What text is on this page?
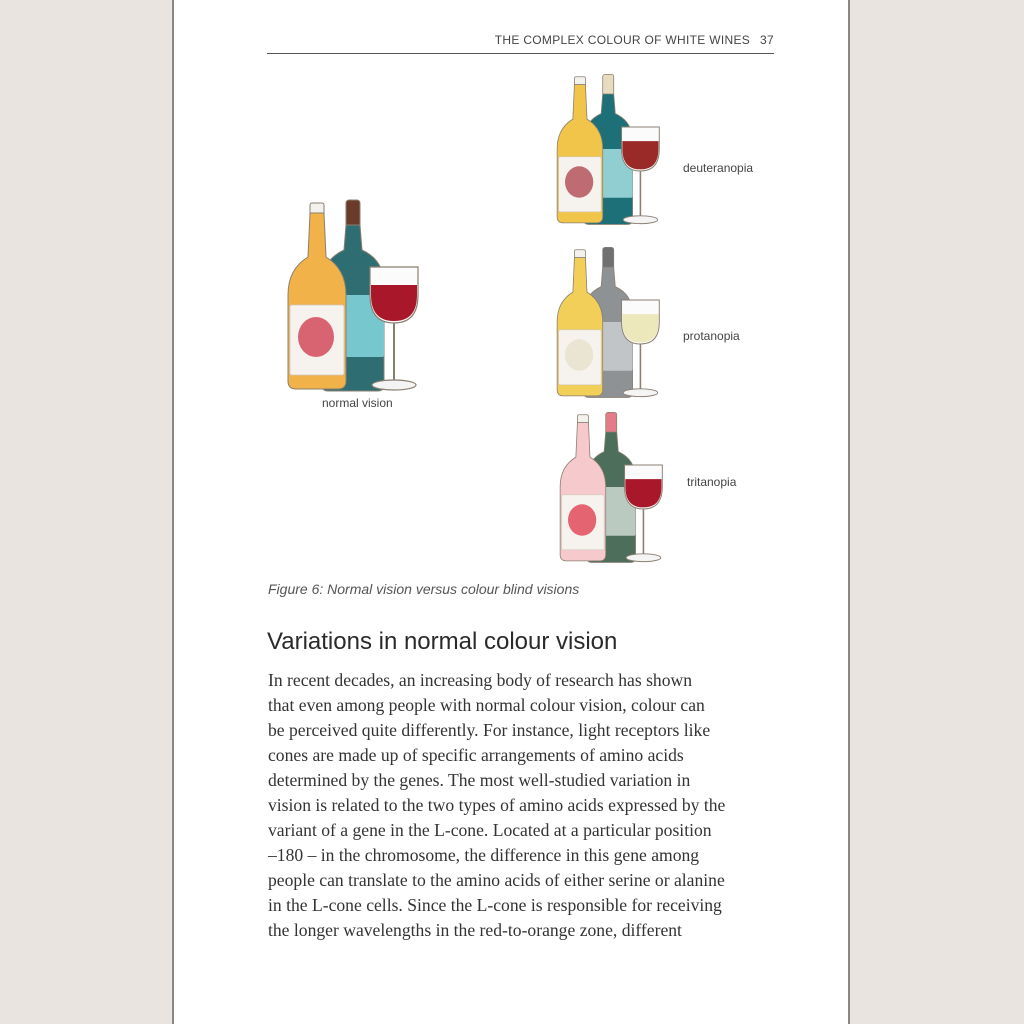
THE COMPLEX COLOUR OF WHITE WINES 37
normal vision
deuteranopia
protanopia
tritanopia
Figure 6: Normal vision versus colour blind visions
Variations in normal colour vision
In recent decades, an increasing body of research has shown
that even among people with normal colour vision, colour can
be perceived quite differently. For instance, light receptors like
cones are made up of specific arrangements of amino acids
determined by the genes. The most well-studied variation in
vision is related to the two types of amino acids expressed by the
variant of a gene in the L-cone. Located at a particular position
–180 – in the chromosome, the difference in this gene among
people can translate to the amino acids of either serine or alanine
in the L-cone cells. Since the L-cone is responsible for receiving
the longer wavelengths in the red-to-orange zone, different
